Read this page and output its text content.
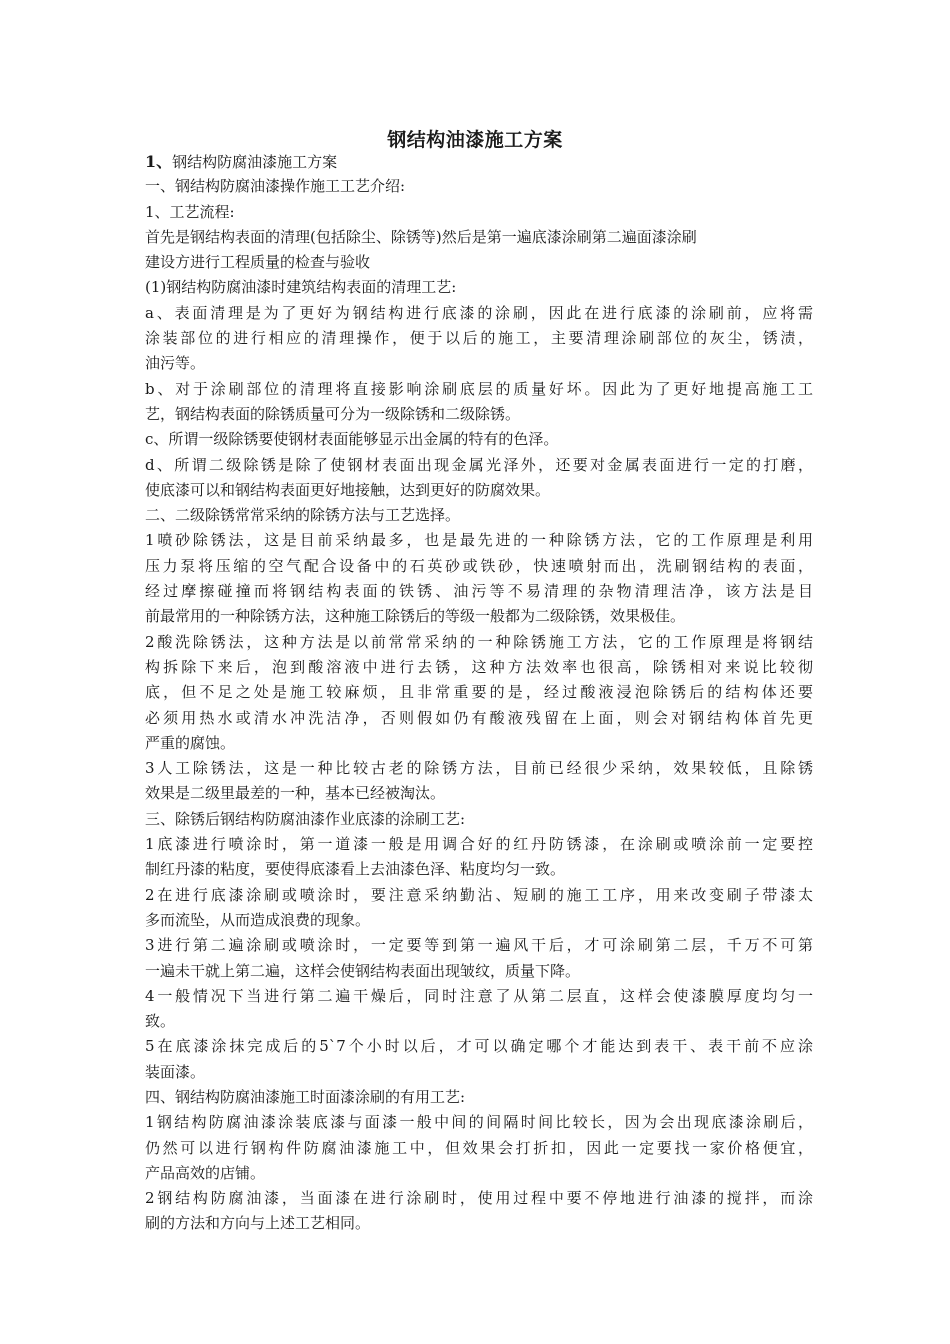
钢结构油漆施工方案
1、钢结构防腐油漆施工方案
一、钢结构防腐油漆操作施工工艺介绍:
1、工艺流程:
首先是钢结构表面的清理(包括除尘、除锈等)然后是第一遍底漆涂刷第二遍面漆涂刷
建设方进行工程质量的检查与验收
(1)钢结构防腐油漆时建筑结构表面的清理工艺:
a、表面清理是为了更好为钢结构进行底漆的涂刷，因此在进行底漆的涂刷前，应将需
涂装部位的进行相应的清理操作，便于以后的施工，主要清理涂刷部位的灰尘，锈渍，
油污等。
b、对于涂刷部位的清理将直接影响涂刷底层的质量好坏。因此为了更好地提高施工工
艺，钢结构表面的除锈质量可分为一级除锈和二级除锈。
c、所谓一级除锈要使钢材表面能够显示出金属的特有的色泽。
d、所谓二级除锈是除了使钢材表面出现金属光泽外，还要对金属表面进行一定的打磨，
使底漆可以和钢结构表面更好地接触，达到更好的防腐效果。
二、二级除锈常常采纳的除锈方法与工艺选择。
1喷砂除锈法，这是目前采纳最多，也是最先进的一种除锈方法，它的工作原理是利用
压力泵将压缩的空气配合设备中的石英砂或铁砂，快速喷射而出，洗刷钢结构的表面，
经过摩擦碰撞而将钢结构表面的铁锈、油污等不易清理的杂物清理洁净，该方法是目
前最常用的一种除锈方法，这种施工除锈后的等级一般都为二级除锈，效果极佳。
2酸洗除锈法，这种方法是以前常常采纳的一种除锈施工方法，它的工作原理是将钢结
构拆除下来后，泡到酸溶液中进行去锈，这种方法效率也很高，除锈相对来说比较彻
底，但不足之处是施工较麻烦，且非常重要的是，经过酸液浸泡除锈后的结构体还要
必须用热水或清水冲洗洁净，否则假如仍有酸液残留在上面，则会对钢结构体首先更
严重的腐蚀。
3人工除锈法，这是一种比较古老的除锈方法，目前已经很少采纳，效果较低，且除锈
效果是二级里最差的一种，基本已经被淘汰。
三、除锈后钢结构防腐油漆作业底漆的涂刷工艺:
1底漆进行喷涂时，第一道漆一般是用调合好的红丹防锈漆，在涂刷或喷涂前一定要控
制红丹漆的粘度，要使得底漆看上去油漆色泽、粘度均匀一致。
2在进行底漆涂刷或喷涂时，要注意采纳勤沾、短刷的施工工序，用来改变刷子带漆太
多而流坠，从而造成浪费的现象。
3进行第二遍涂刷或喷涂时，一定要等到第一遍风干后，才可涂刷第二层，千万不可第
一遍未干就上第二遍，这样会使钢结构表面出现皱纹，质量下降。
4一般情况下当进行第二遍干燥后，同时注意了从第二层直，这样会使漆膜厚度均匀一
致。
5在底漆涂抹完成后的5`7个小时以后，才可以确定哪个才能达到表干、表干前不应涂
装面漆。
四、钢结构防腐油漆施工时面漆涂刷的有用工艺:
1钢结构防腐油漆涂装底漆与面漆一般中间的间隔时间比较长，因为会出现底漆涂刷后，
仍然可以进行钢构件防腐油漆施工中，但效果会打折扣，因此一定要找一家价格便宜，
产品高效的店铺。
2钢结构防腐油漆，当面漆在进行涂刷时，使用过程中要不停地进行油漆的搅拌，而涂
刷的方法和方向与上述工艺相同。
